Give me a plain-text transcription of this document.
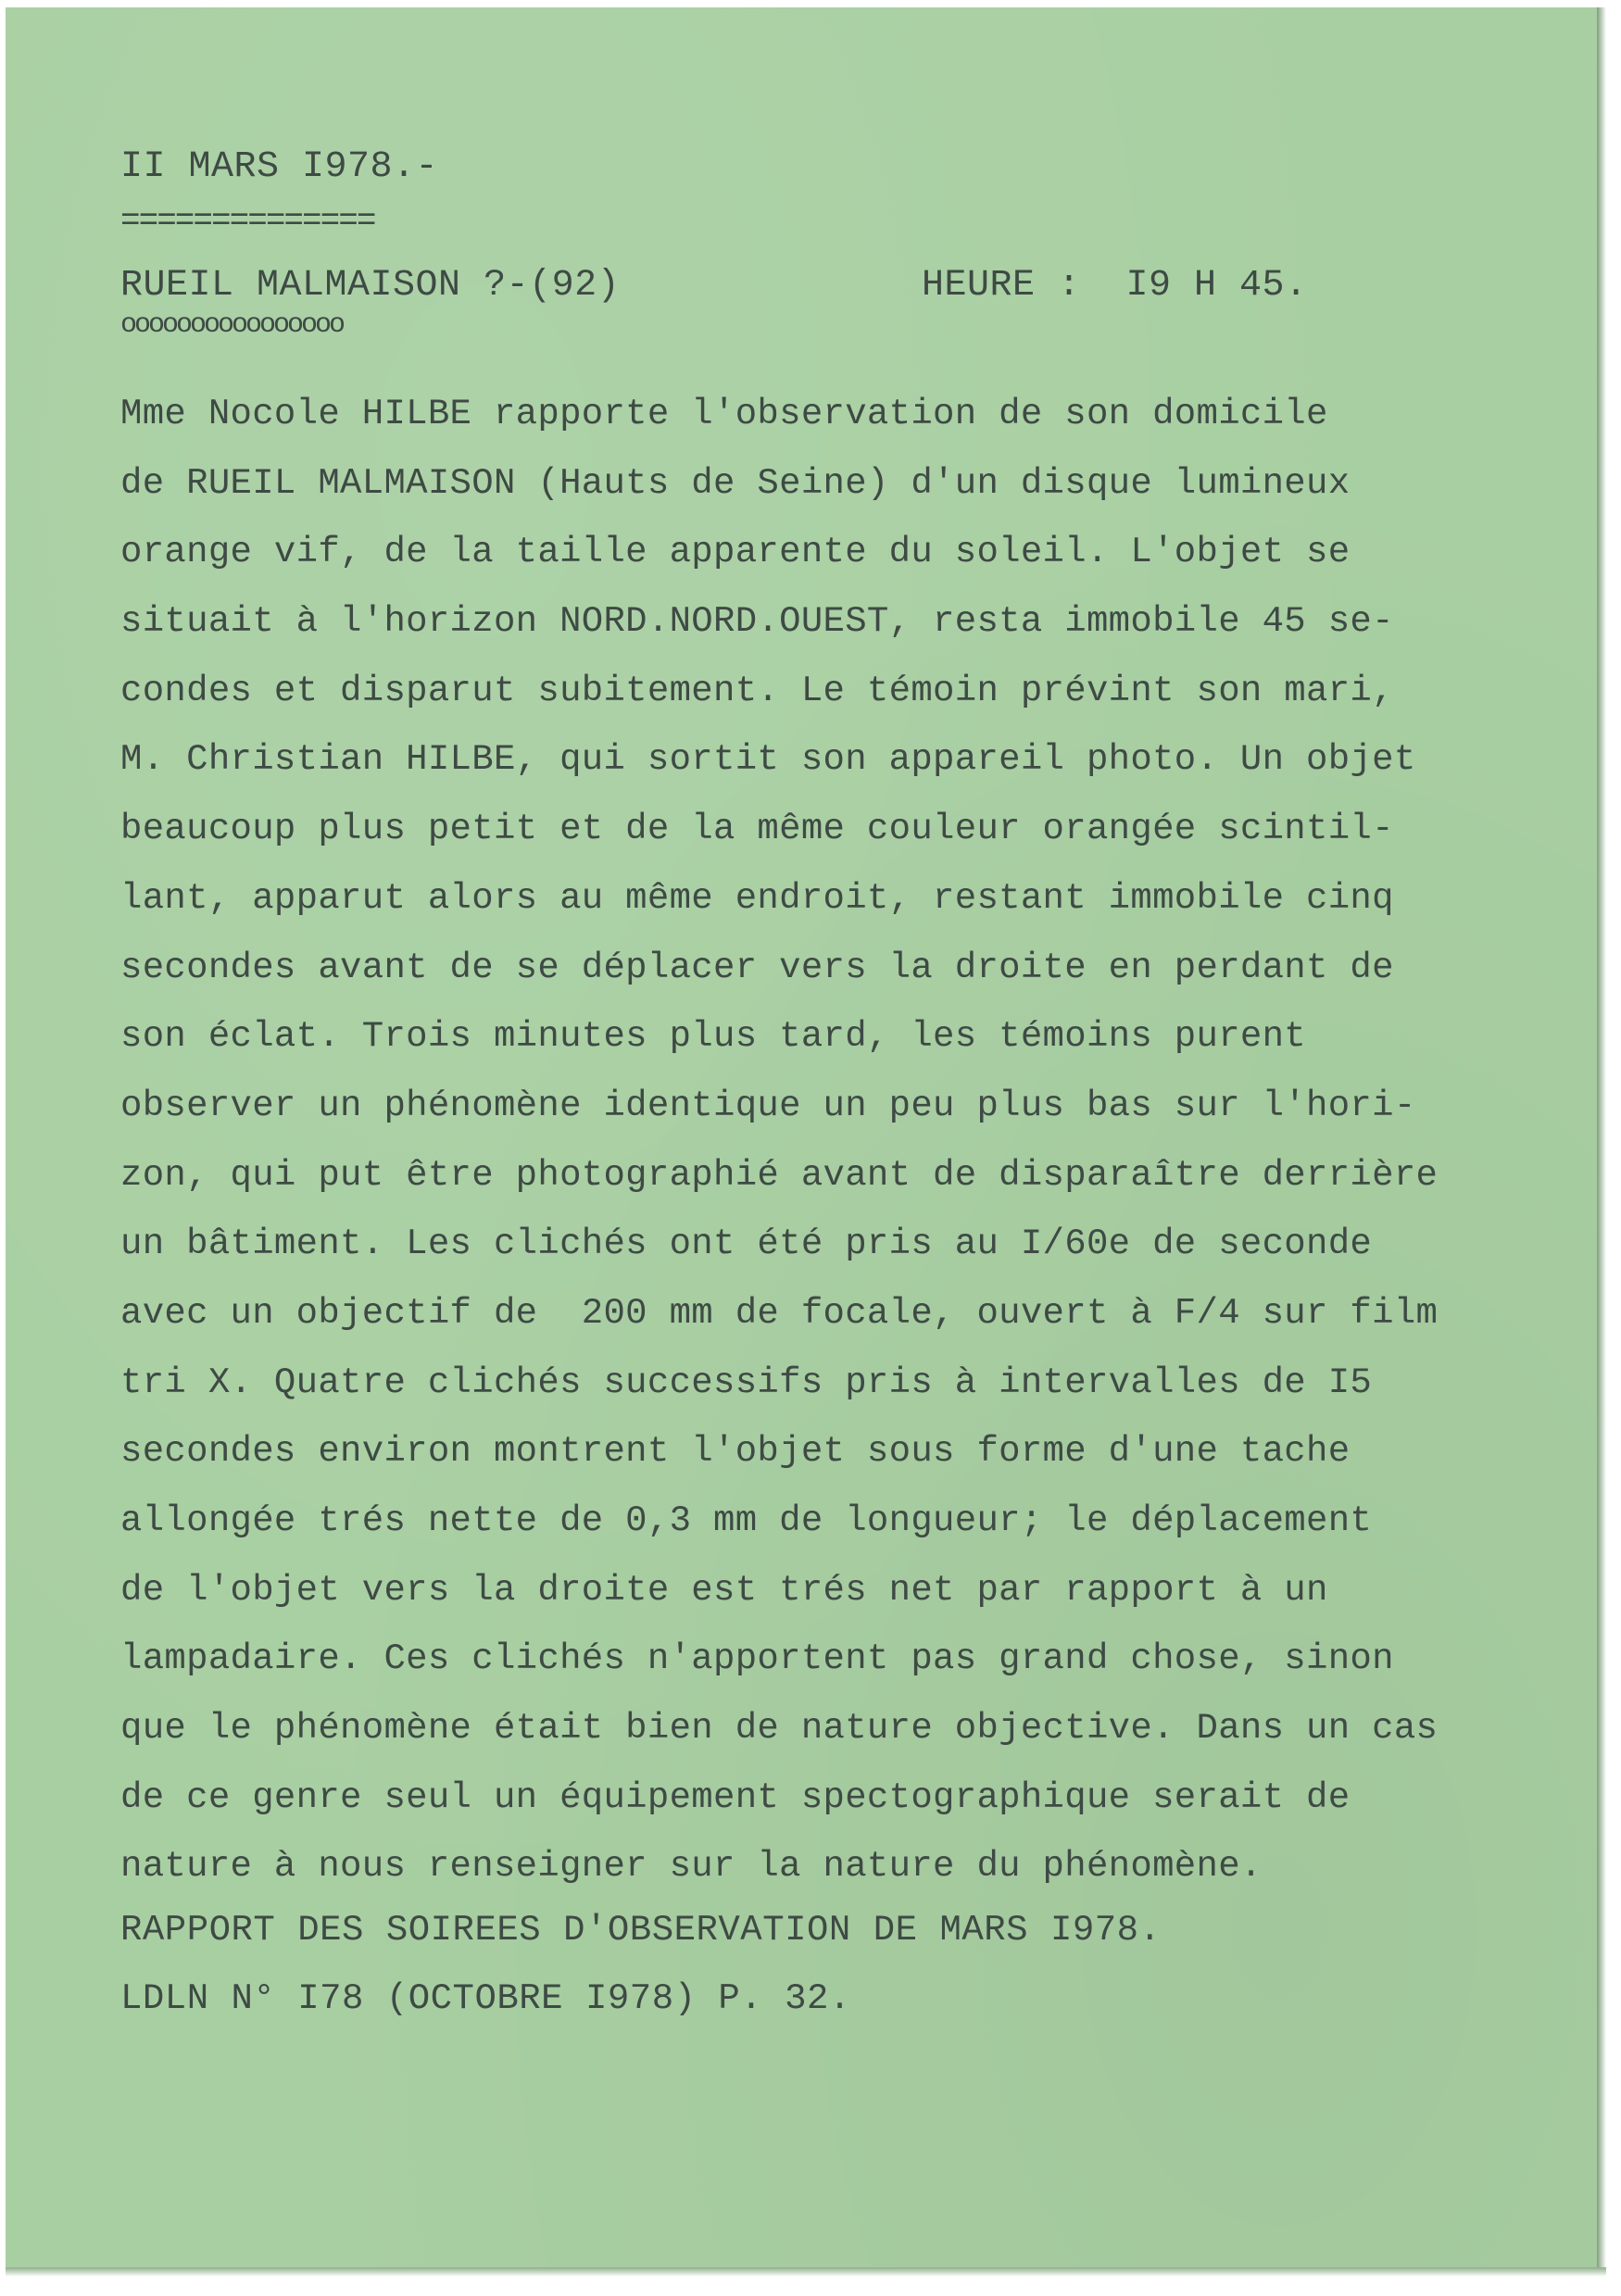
II MARS I978.-
==============
RUEIL MALMAISON ?-(92)	HEURE :  I9 H 45.
oooooooooooooooo
Mme Nocole HILBE rapporte l'observation de son domicile
de RUEIL MALMAISON (Hauts de Seine) d'un disque lumineux
orange vif, de la taille apparente du soleil. L'objet se
situait à l'horizon NORD.NORD.OUEST, resta immobile 45 se-
condes et disparut subitement. Le témoin prévint son mari,
M. Christian HILBE, qui sortit son appareil photo. Un objet
beaucoup plus petit et de la même couleur orangée scintil-
lant, apparut alors au même endroit, restant immobile cinq
secondes avant de se déplacer vers la droite en perdant de
son éclat. Trois minutes plus tard, les témoins purent
observer un phénomène identique un peu plus bas sur l'hori-
zon, qui put être photographié avant de disparaître derrière
un bâtiment. Les clichés ont été pris au I/60e de seconde
avec un objectif de  200 mm de focale, ouvert à F/4 sur film
tri X. Quatre clichés successifs pris à intervalles de I5
secondes environ montrent l'objet sous forme d'une tache
allongée trés nette de 0,3 mm de longueur; le déplacement
de l'objet vers la droite est trés net par rapport à un
lampadaire. Ces clichés n'apportent pas grand chose, sinon
que le phénomène était bien de nature objective. Dans un cas
de ce genre seul un équipement spectographique serait de
nature à nous renseigner sur la nature du phénomène.
RAPPORT DES SOIREES D'OBSERVATION DE MARS I978.
LDLN N° I78 (OCTOBRE I978) P. 32.
